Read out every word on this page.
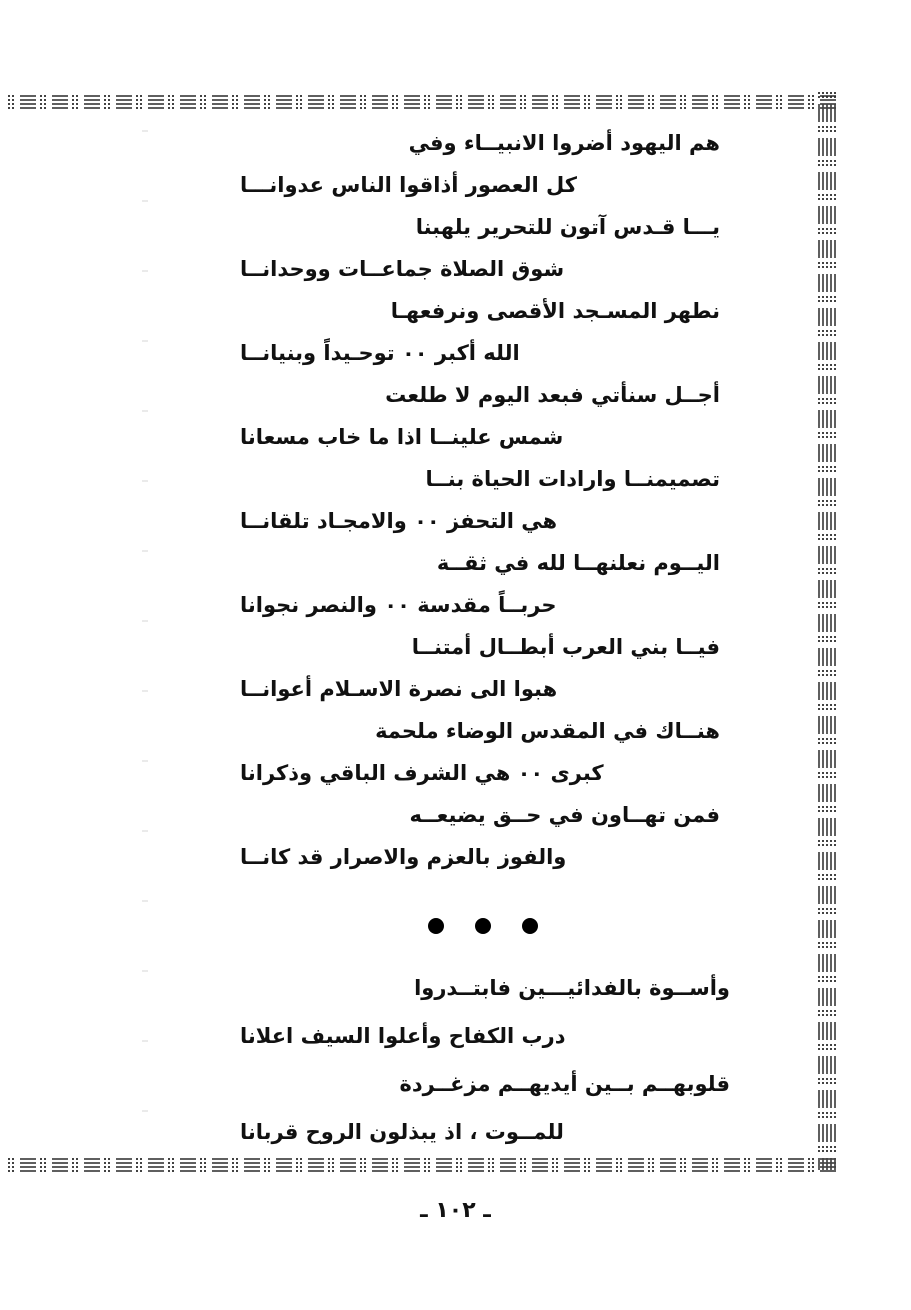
هم اليهود أضروا الانبيــاء وفي
كل العصور أذاقوا الناس عدوانـــا
يـــا قـدس آتون للتحرير يلهبنا
شوق الصلاة جماعــات ووحدانــا
نطهر المسـجد الأقصى ونرفعهـا
الله أكبر ٠٠ توحـيداً وبنيانــا
أجــل سنأتي فبعد اليوم لا طلعت
شمس علينــا اذا ما خاب مسعانا
تصميمنــا وارادات الحياة بنــا
هي التحفز ٠٠ والامجـاد تلقانــا
اليــوم نعلنهــا لله في ثقــة
حربــاً مقدسة ٠٠ والنصر نجوانا
فيــا بني العرب أبطــال أمتنــا
هبوا الى نصرة الاسـلام أعوانــا
هنــاك في المقدس الوضاء ملحمة
كبرى ٠٠ هي الشرف الباقي وذكرانا
فمن تهــاون في حــق يضيعــه
والفوز بالعزم والاصرار قد كانــا
وأســوة بالفدائيـــين فابتــدروا
درب الكفاح وأعلوا السيف اعلانا
قلوبهــم بــين أيديهــم مزغــردة
للمــوت ، اذ يبذلون الروح قربانا
ـ ١٠٢ ـ
